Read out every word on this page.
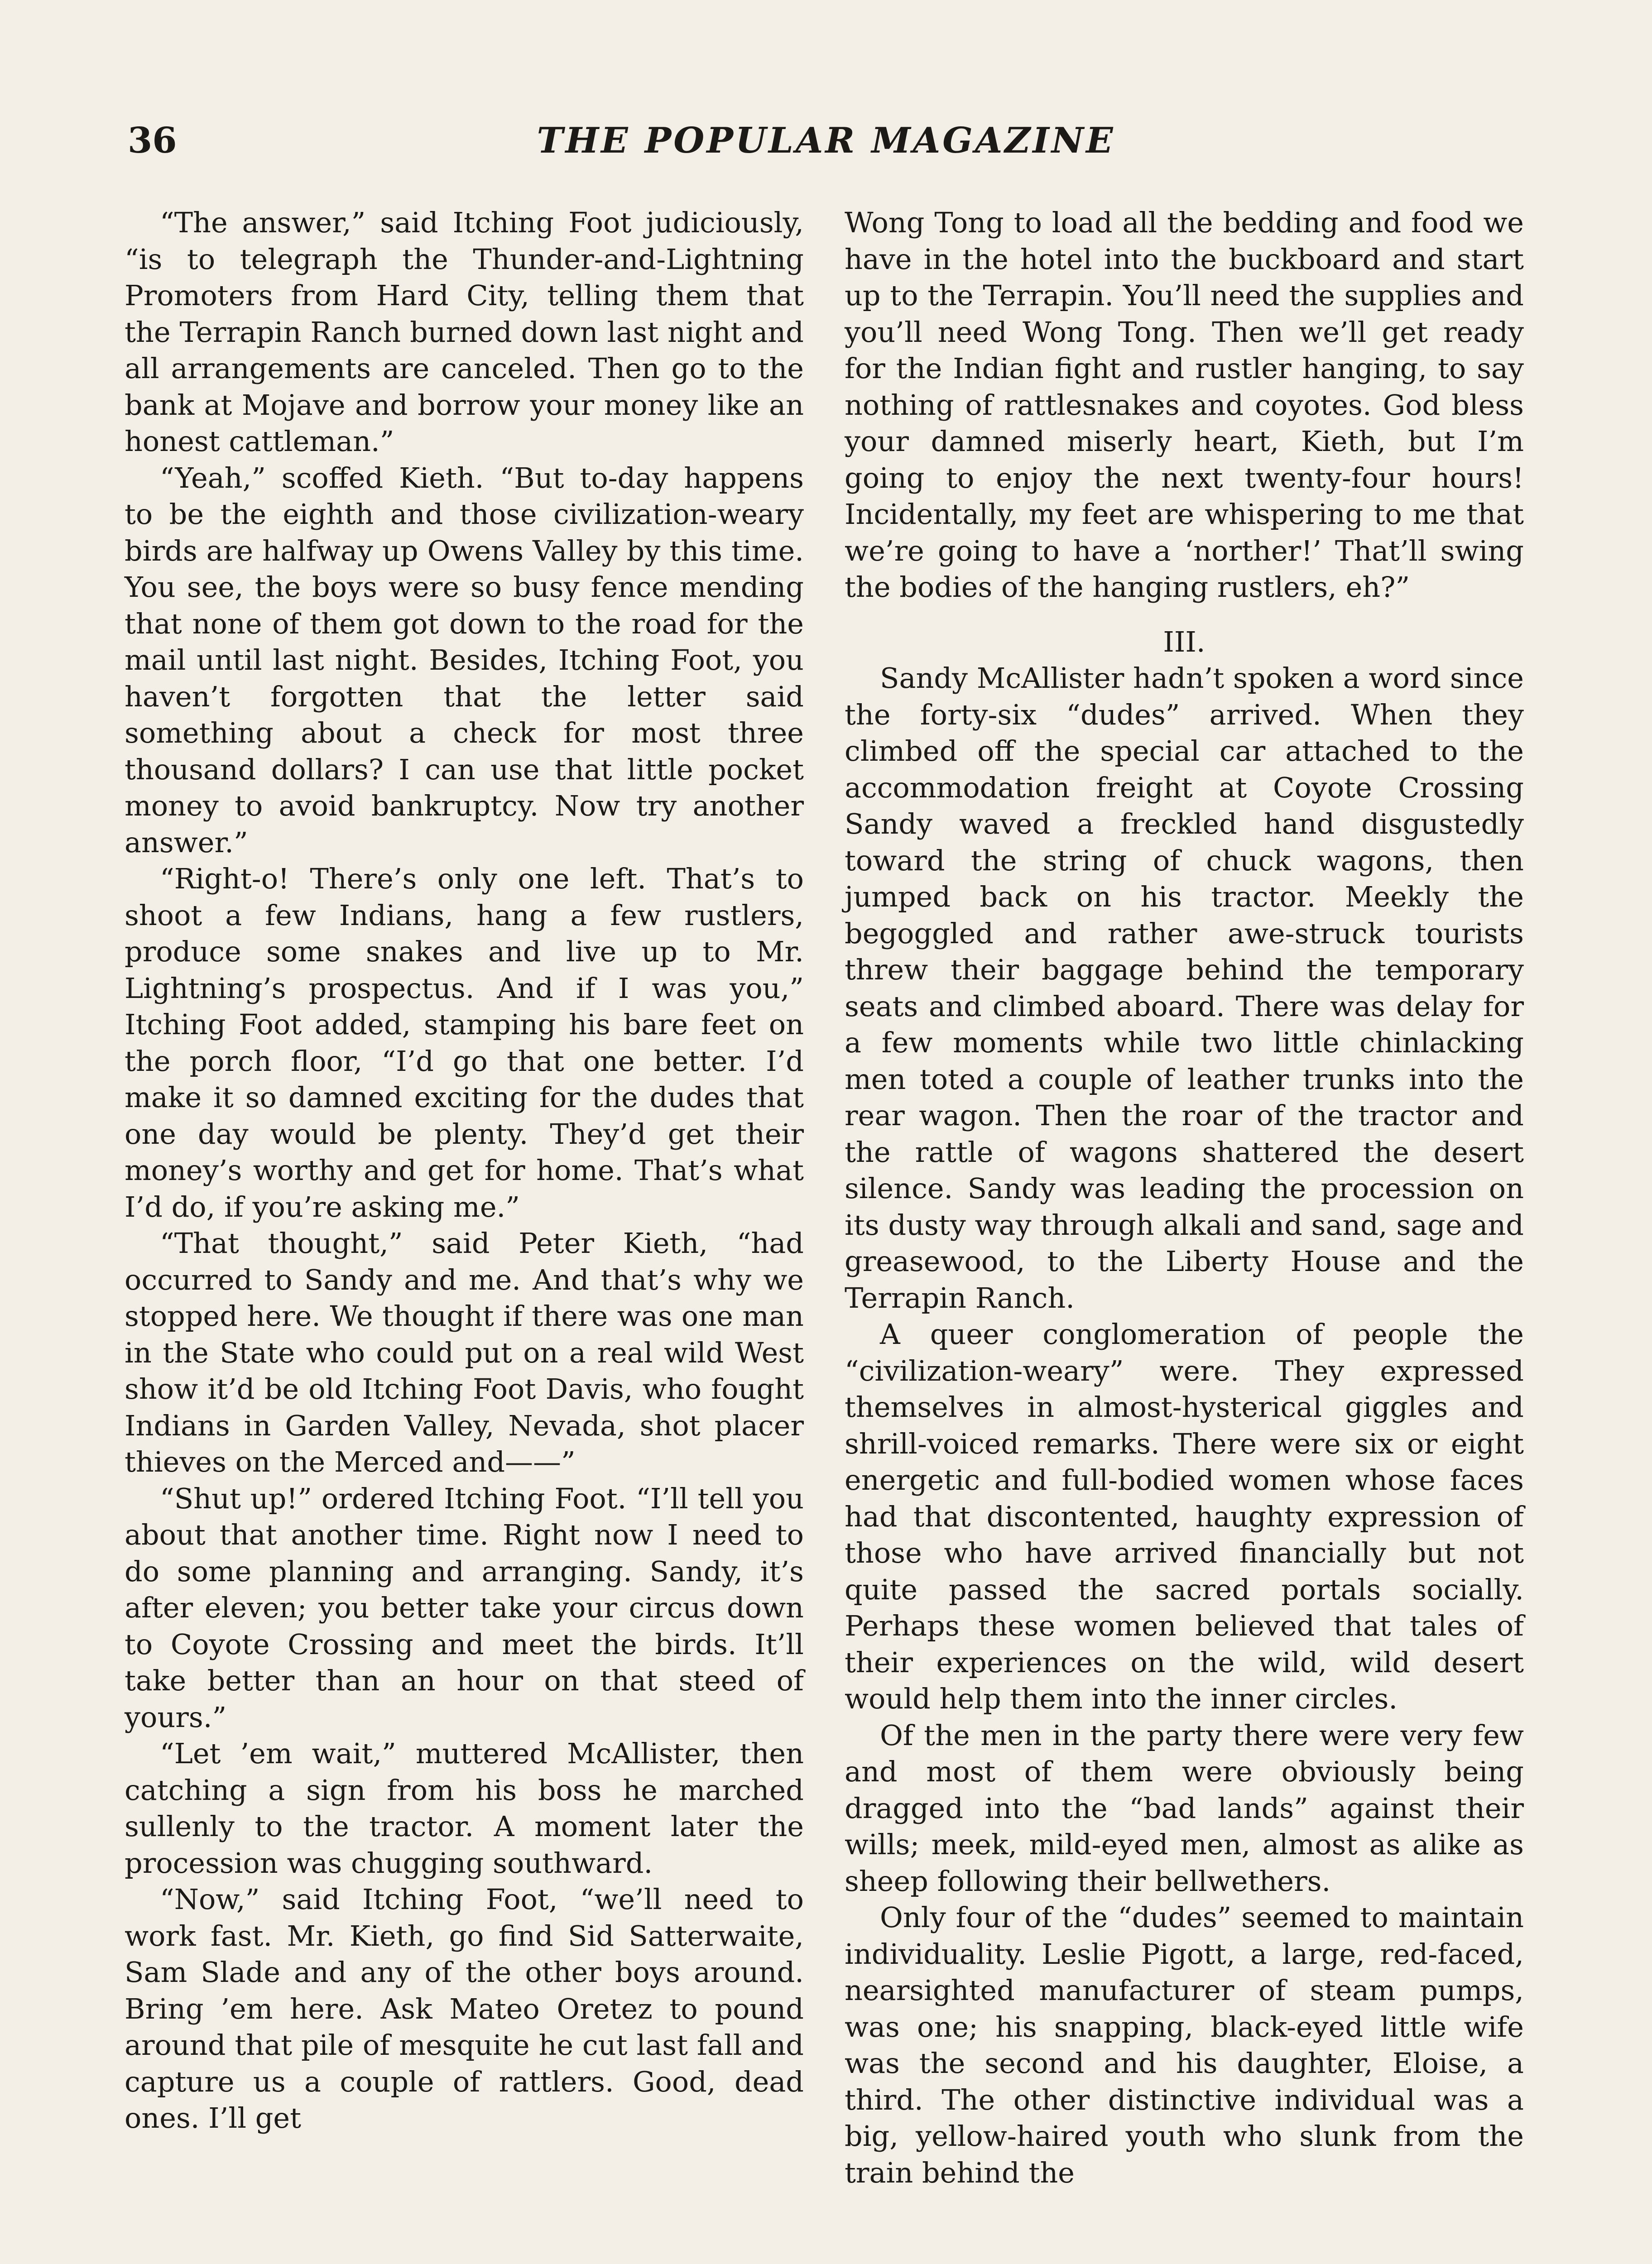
36	THE POPULAR MAGAZINE

“The answer,” said Itching Foot judiciously, “is to telegraph the Thunder-and-Lightning Promoters from Hard City, telling them that the Terrapin Ranch burned down last night and all arrangements are canceled. Then go to the bank at Mojave and borrow your money like an honest cattleman.”

“Yeah,” scoffed Kieth. “But to-day happens to be the eighth and those civilization-weary birds are halfway up Owens Valley by this time. You see, the boys were so busy fence mending that none of them got down to the road for the mail until last night. Besides, Itching Foot, you haven’t forgotten that the letter said something about a check for most three thousand dollars? I can use that little pocket money to avoid bankruptcy. Now try another answer.”

“Right-o! There’s only one left. That’s to shoot a few Indians, hang a few rustlers, produce some snakes and live up to Mr. Lightning’s prospectus. And if I was you,” Itching Foot added, stamping his bare feet on the porch floor, “I’d go that one better. I’d make it so damned exciting for the dudes that one day would be plenty. They’d get their money’s worthy and get for home. That’s what I’d do, if you’re asking me.”

“That thought,” said Peter Kieth, “had occurred to Sandy and me. And that’s why we stopped here. We thought if there was one man in the State who could put on a real wild West show it’d be old Itching Foot Davis, who fought Indians in Garden Valley, Nevada, shot placer thieves on the Merced and——”

“Shut up!” ordered Itching Foot. “I’ll tell you about that another time. Right now I need to do some planning and arranging. Sandy, it’s after eleven; you better take your circus down to Coyote Crossing and meet the birds. It’ll take better than an hour on that steed of yours.”

“Let ’em wait,” muttered McAllister, then catching a sign from his boss he marched sullenly to the tractor. A moment later the procession was chugging southward.

“Now,” said Itching Foot, “we’ll need to work fast. Mr. Kieth, go find Sid Satterwaite, Sam Slade and any of the other boys around. Bring ’em here. Ask Mateo Oretez to pound around that pile of mesquite he cut last fall and capture us a couple of rattlers. Good, dead ones. I’ll get

Wong Tong to load all the bedding and food we have in the hotel into the buckboard and start up to the Terrapin. You’ll need the supplies and you’ll need Wong Tong. Then we’ll get ready for the Indian fight and rustler hanging, to say nothing of rattlesnakes and coyotes. God bless your damned miserly heart, Kieth, but I’m going to enjoy the next twenty-four hours! Incidentally, my feet are whispering to me that we’re going to have a ‘norther!’ That’ll swing the bodies of the hanging rustlers, eh?”

III.

Sandy McAllister hadn’t spoken a word since the forty-six “dudes” arrived. When they climbed off the special car attached to the accommodation freight at Coyote Crossing Sandy waved a freckled hand disgustedly toward the string of chuck wagons, then jumped back on his tractor. Meekly the begoggled and rather awe-struck tourists threw their baggage behind the temporary seats and climbed aboard. There was delay for a few moments while two little chinlacking men toted a couple of leather trunks into the rear wagon. Then the roar of the tractor and the rattle of wagons shattered the desert silence. Sandy was leading the procession on its dusty way through alkali and sand, sage and greasewood, to the Liberty House and the Terrapin Ranch.

A queer conglomeration of people the “civilization-weary” were. They expressed themselves in almost-hysterical giggles and shrill-voiced remarks. There were six or eight energetic and full-bodied women whose faces had that discontented, haughty expression of those who have arrived financially but not quite passed the sacred portals socially. Perhaps these women believed that tales of their experiences on the wild, wild desert would help them into the inner circles.

Of the men in the party there were very few and most of them were obviously being dragged into the “bad lands” against their wills; meek, mild-eyed men, almost as alike as sheep following their bellwethers.

Only four of the “dudes” seemed to maintain individuality. Leslie Pigott, a large, red-faced, nearsighted manufacturer of steam pumps, was one; his snapping, black-eyed little wife was the second and his daughter, Eloise, a third. The other distinctive individual was a big, yellow-haired youth who slunk from the train behind the
